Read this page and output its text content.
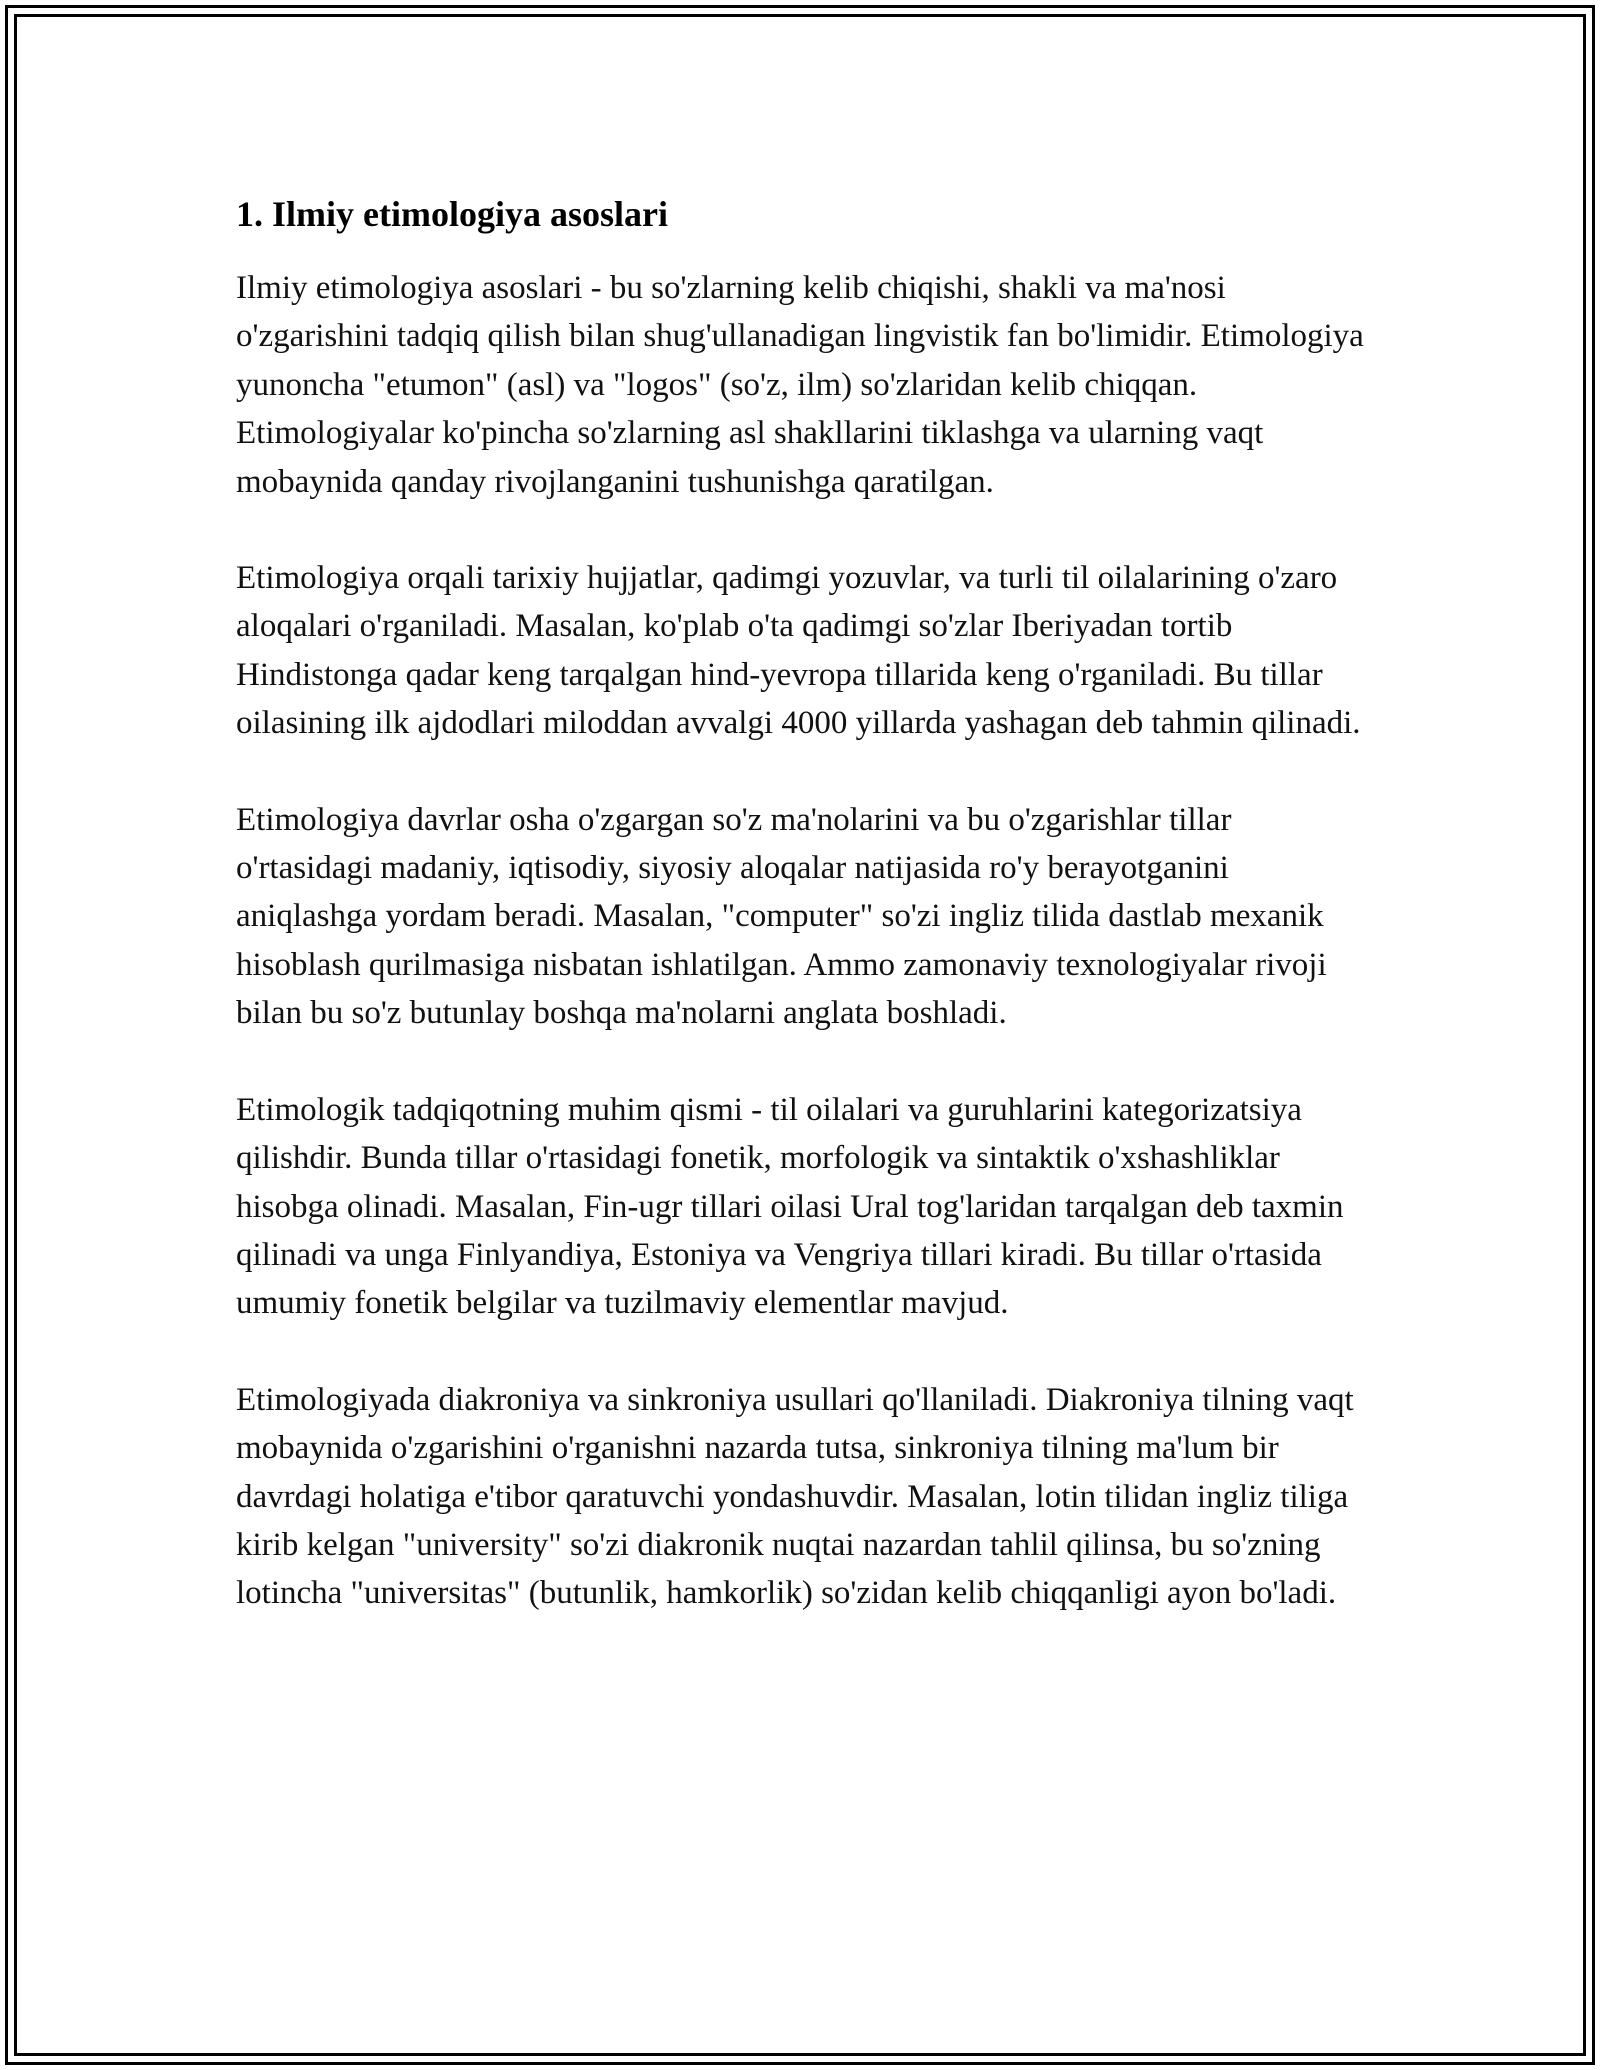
1. Ilmiy etimologiya asoslari

Ilmiy etimologiya asoslari - bu so'zlarning kelib chiqishi, shakli va ma'nosi o'zgarishini tadqiq qilish bilan shug'ullanadigan lingvistik fan bo'limidir. Etimologiya yunoncha "etumon" (asl) va "logos" (so'z, ilm) so'zlaridan kelib chiqqan. Etimologiyalar ko'pincha so'zlarning asl shakllarini tiklashga va ularning vaqt mobaynida qanday rivojlanganini tushunishga qaratilgan.

Etimologiya orqali tarixiy hujjatlar, qadimgi yozuvlar, va turli til oilalarining o'zaro aloqalari o'rganiladi. Masalan, ko'plab o'ta qadimgi so'zlar Iberiyadan tortib Hindistonga qadar keng tarqalgan hind-yevropa tillarida keng o'rganiladi. Bu tillar oilasining ilk ajdodlari miloddan avvalgi 4000 yillarda yashagan deb tahmin qilinadi.

Etimologiya davrlar osha o'zgargan so'z ma'nolarini va bu o'zgarishlar tillar o'rtasidagi madaniy, iqtisodiy, siyosiy aloqalar natijasida ro'y berayotganini aniqlashga yordam beradi. Masalan, "computer" so'zi ingliz tilida dastlab mexanik hisoblash qurilmasiga nisbatan ishlatilgan. Ammo zamonaviy texnologiyalar rivoji bilan bu so'z butunlay boshqa ma'nolarni anglata boshladi.

Etimologik tadqiqotning muhim qismi - til oilalari va guruhlarini kategorizatsiya qilishdir. Bunda tillar o'rtasidagi fonetik, morfologik va sintaktik o'xshashliklar hisobga olinadi. Masalan, Fin-ugr tillari oilasi Ural tog'laridan tarqalgan deb taxmin qilinadi va unga Finlyandiya, Estoniya va Vengriya tillari kiradi. Bu tillar o'rtasida umumiy fonetik belgilar va tuzilmaviy elementlar mavjud.

Etimologiyada diakroniya va sinkroniya usullari qo'llaniladi. Diakroniya tilning vaqt mobaynida o'zgarishini o'rganishni nazarda tutsa, sinkroniya tilning ma'lum bir davrdagi holatiga e'tibor qaratuvchi yondashuvdir. Masalan, lotin tilidan ingliz tiliga kirib kelgan "university" so'zi diakronik nuqtai nazardan tahlil qilinsa, bu so'zning lotincha "universitas" (butunlik, hamkorlik) so'zidan kelib chiqqanligi ayon bo'ladi.
